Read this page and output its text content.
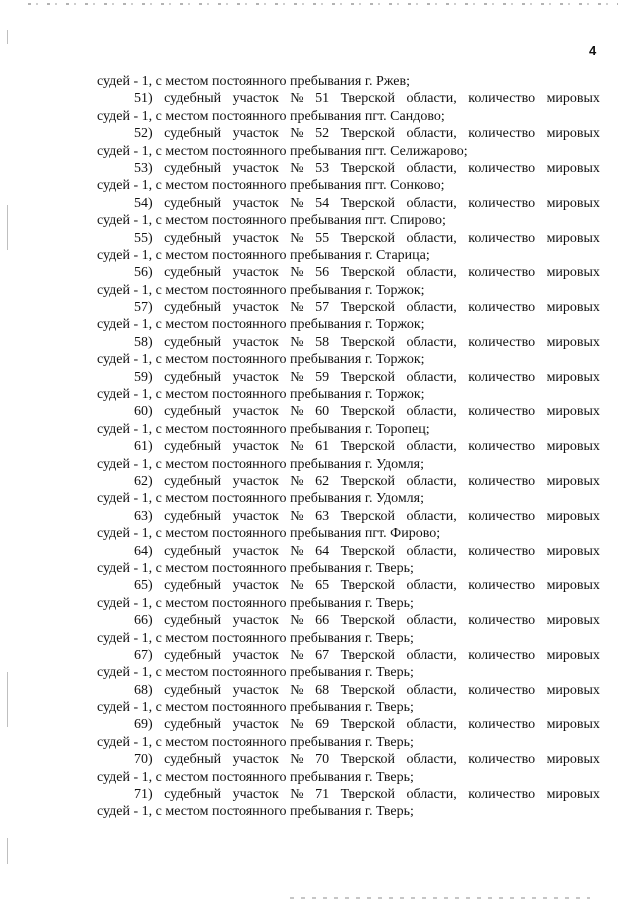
4
судей - 1, с местом постоянного пребывания г. Ржев;
51) судебный участок № 51 Тверской области, количество мировых
судей - 1, с местом постоянного пребывания пгт. Сандово;
52) судебный участок № 52 Тверской области, количество мировых
судей - 1, с местом постоянного пребывания пгт. Селижарово;
53) судебный участок № 53 Тверской области, количество мировых
судей - 1, с местом постоянного пребывания пгт. Сонково;
54) судебный участок № 54 Тверской области, количество мировых
судей - 1, с местом постоянного пребывания пгт. Спирово;
55) судебный участок № 55 Тверской области, количество мировых
судей - 1, с местом постоянного пребывания г. Старица;
56) судебный участок № 56 Тверской области, количество мировых
судей - 1, с местом постоянного пребывания г. Торжок;
57) судебный участок № 57 Тверской области, количество мировых
судей - 1, с местом постоянного пребывания г. Торжок;
58) судебный участок № 58 Тверской области, количество мировых
судей - 1, с местом постоянного пребывания г. Торжок;
59) судебный участок № 59 Тверской области, количество мировых
судей - 1, с местом постоянного пребывания г. Торжок;
60) судебный участок № 60 Тверской области, количество мировых
судей - 1, с местом постоянного пребывания г. Торопец;
61) судебный участок № 61 Тверской области, количество мировых
судей - 1, с местом постоянного пребывания г. Удомля;
62) судебный участок № 62 Тверской области, количество мировых
судей - 1, с местом постоянного пребывания г. Удомля;
63) судебный участок № 63 Тверской области, количество мировых
судей - 1, с местом постоянного пребывания пгт. Фирово;
64) судебный участок № 64 Тверской области, количество мировых
судей - 1, с местом постоянного пребывания г. Тверь;
65) судебный участок № 65 Тверской области, количество мировых
судей - 1, с местом постоянного пребывания г. Тверь;
66) судебный участок № 66 Тверской области, количество мировых
судей - 1, с местом постоянного пребывания г. Тверь;
67) судебный участок № 67 Тверской области, количество мировых
судей - 1, с местом постоянного пребывания г. Тверь;
68) судебный участок № 68 Тверской области, количество мировых
судей - 1, с местом постоянного пребывания г. Тверь;
69) судебный участок № 69 Тверской области, количество мировых
судей - 1, с местом постоянного пребывания г. Тверь;
70) судебный участок № 70 Тверской области, количество мировых
судей - 1, с местом постоянного пребывания г. Тверь;
71) судебный участок № 71 Тверской области, количество мировых
судей - 1, с местом постоянного пребывания г. Тверь;
